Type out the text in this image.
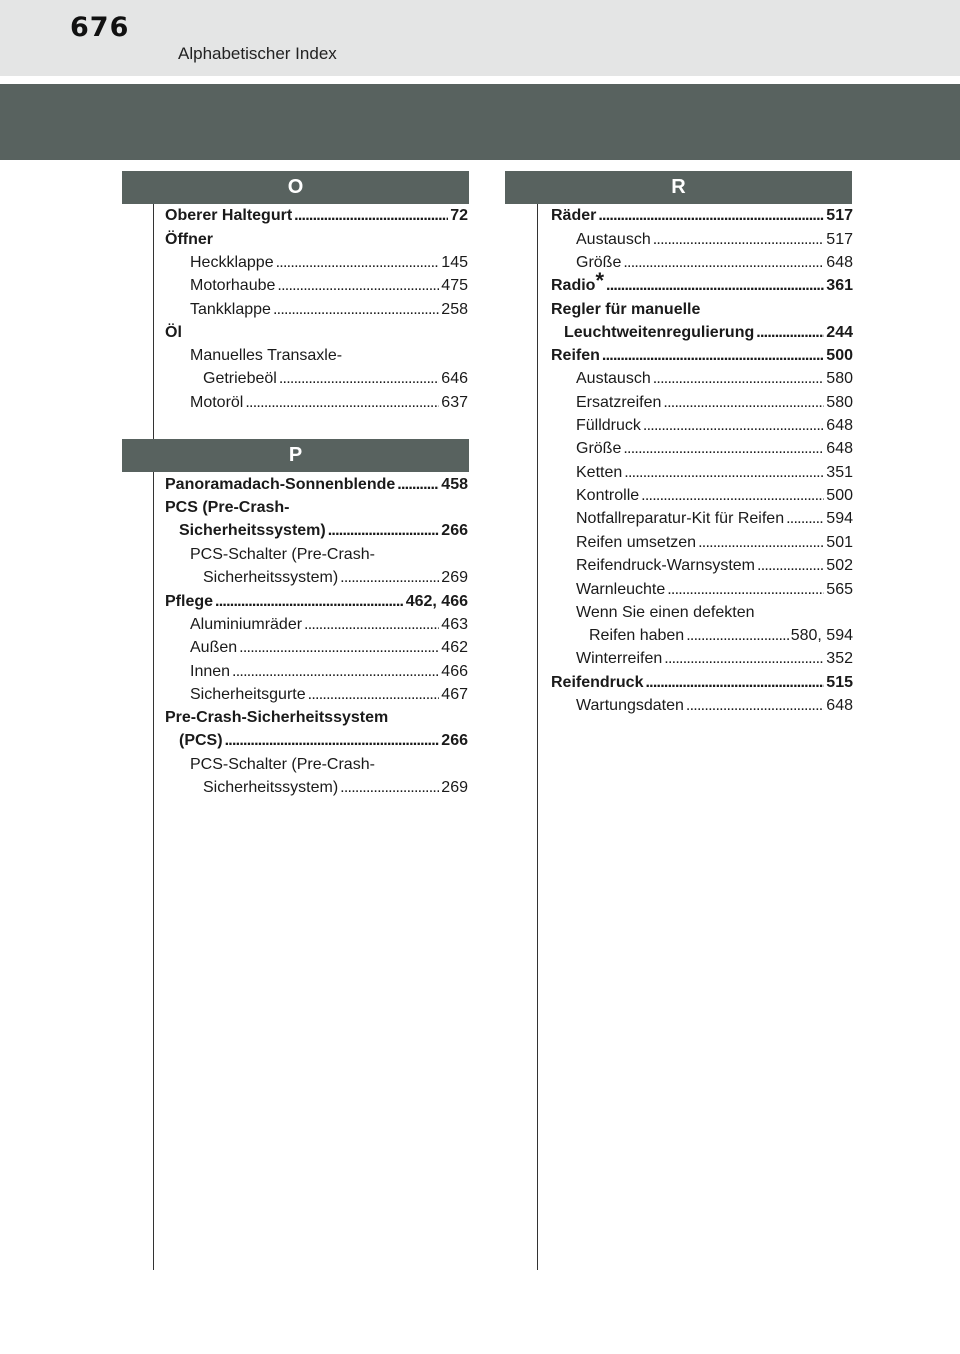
676
Alphabetischer Index
O
Oberer Haltegurt . . .	72
Öffner
Heckklappe . . .	145
Motorhaube . . .	475
Tankklappe . . .	258
Öl
Manuelles Transaxle-
Getriebeöl . . .	646
Motoröl . . .	637
P
Panoramadach-Sonnenblende . . .	458
PCS (Pre-Crash-
Sicherheitssystem) . . .	266
PCS-Schalter (Pre-Crash-
Sicherheitssystem) . . .	269
Pflege . . .	462, 466
Aluminiumräder . . .	463
Außen . . .	462
Innen . . .	466
Sicherheitsgurte . . .	467
Pre-Crash-Sicherheitssystem
(PCS) . . .	266
PCS-Schalter (Pre-Crash-
Sicherheitssystem) . . .	269
R
Räder . . .	517
Austausch . . .	517
Größe . . .	648
Radio* . . .	361
Regler für manuelle
Leuchtweitenregulierung . . .	244
Reifen . . .	500
Austausch . . .	580
Ersatzreifen . . .	580
Fülldruck . . .	648
Größe . . .	648
Ketten . . .	351
Kontrolle . . .	500
Notfallreparatur-Kit für Reifen . . .	594
Reifen umsetzen . . .	501
Reifendruck-Warnsystem . . .	502
Warnleuchte . . .	565
Wenn Sie einen defekten
Reifen haben . . .	580, 594
Winterreifen . . .	352
Reifendruck . . .	515
Wartungsdaten . . .	648
